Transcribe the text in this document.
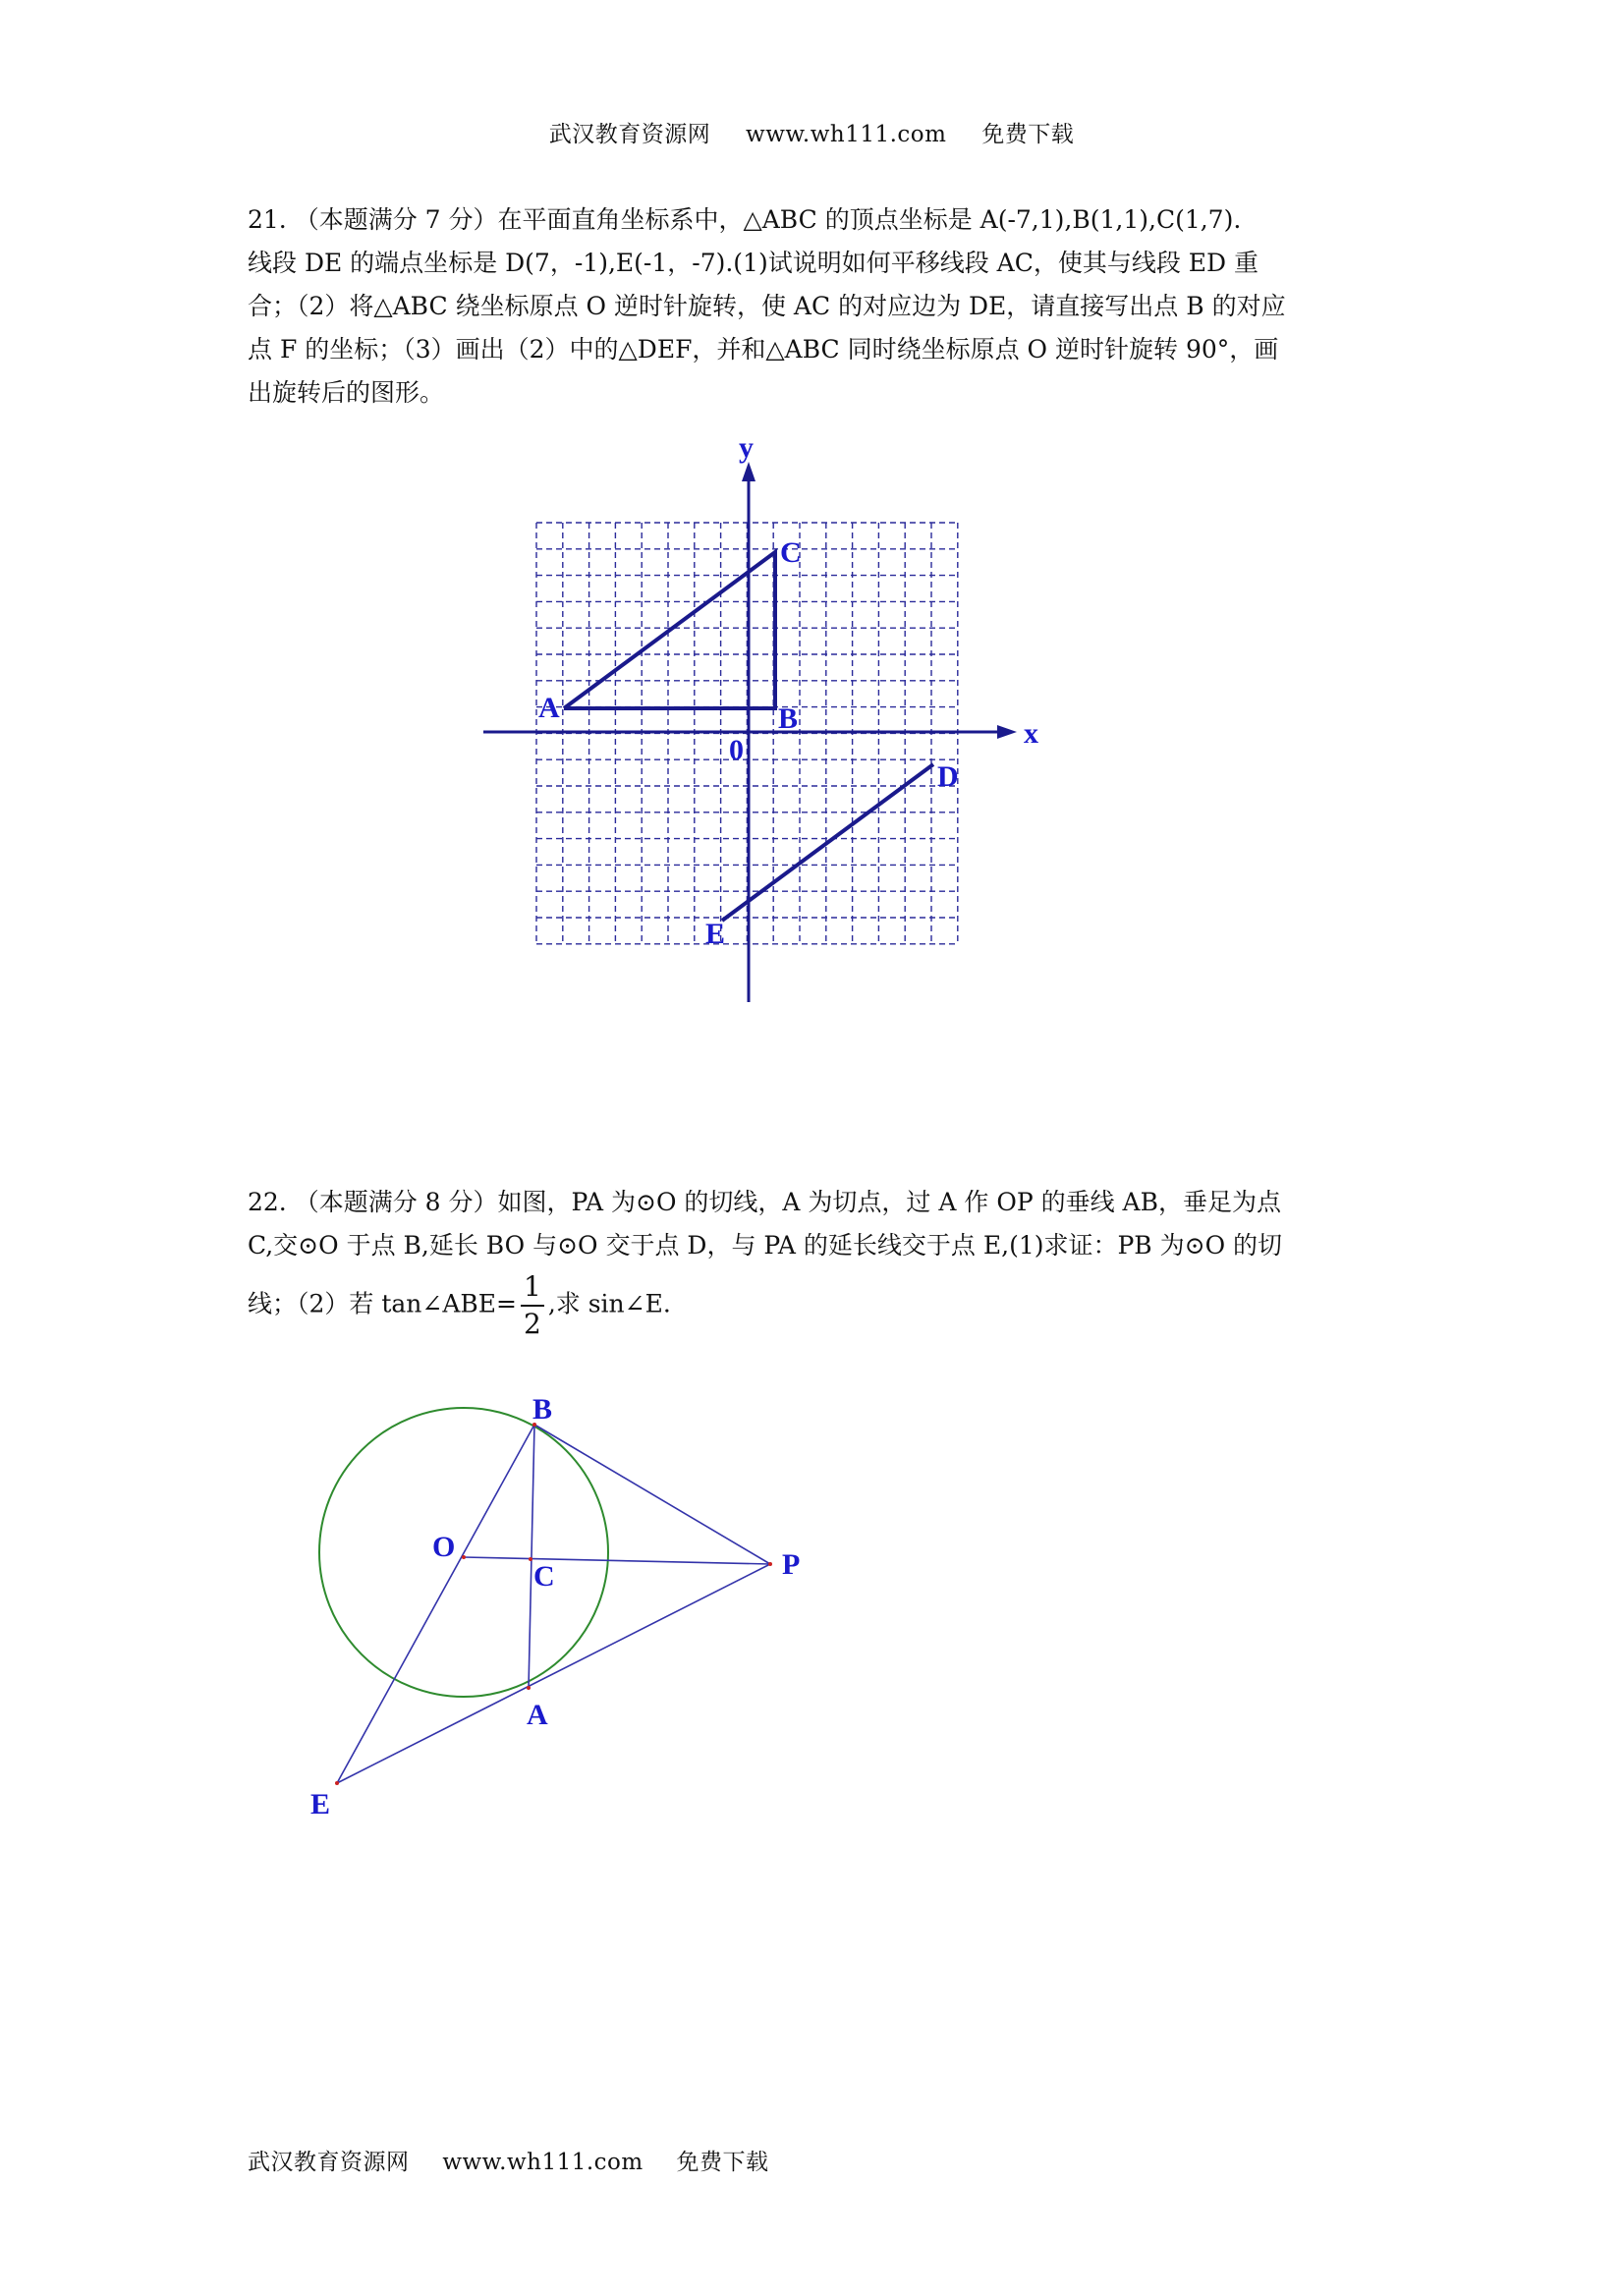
武汉教育资源网 www.wh111.com 免费下载
21. （本题满分 7 分）在平面直角坐标系中，△ABC 的顶点坐标是 A(-7,1),B(1,1),C(1,7).
线段 DE 的端点坐标是 D(7，-1),E(-1，-7).(1)试说明如何平移线段 AC，使其与线段 ED 重
合；（2）将△ABC 绕坐标原点 O 逆时针旋转，使 AC 的对应边为 DE，请直接写出点 B 的对应
点 F 的坐标；（3）画出（2）中的△DEF，并和△ABC 同时绕坐标原点 O 逆时针旋转 90°，画
出旋转后的图形。
y
x
0
A	B
C
D
E
22. （本题满分 8 分）如图，PA 为⊙O 的切线，A 为切点，过 A 作 OP 的垂线 AB，垂足为点
C,交⊙O 于点 B,延长 BO 与⊙O 交于点 D，与 PA 的延长线交于点 E,(1)求证：PB 为⊙O 的切
线；（2）若 tan∠ABE= $\frac{1}{2}$ ,求 sin∠E.
B
O
C	P
A
E
武汉教育资源网 www.wh111.com 免费下载
